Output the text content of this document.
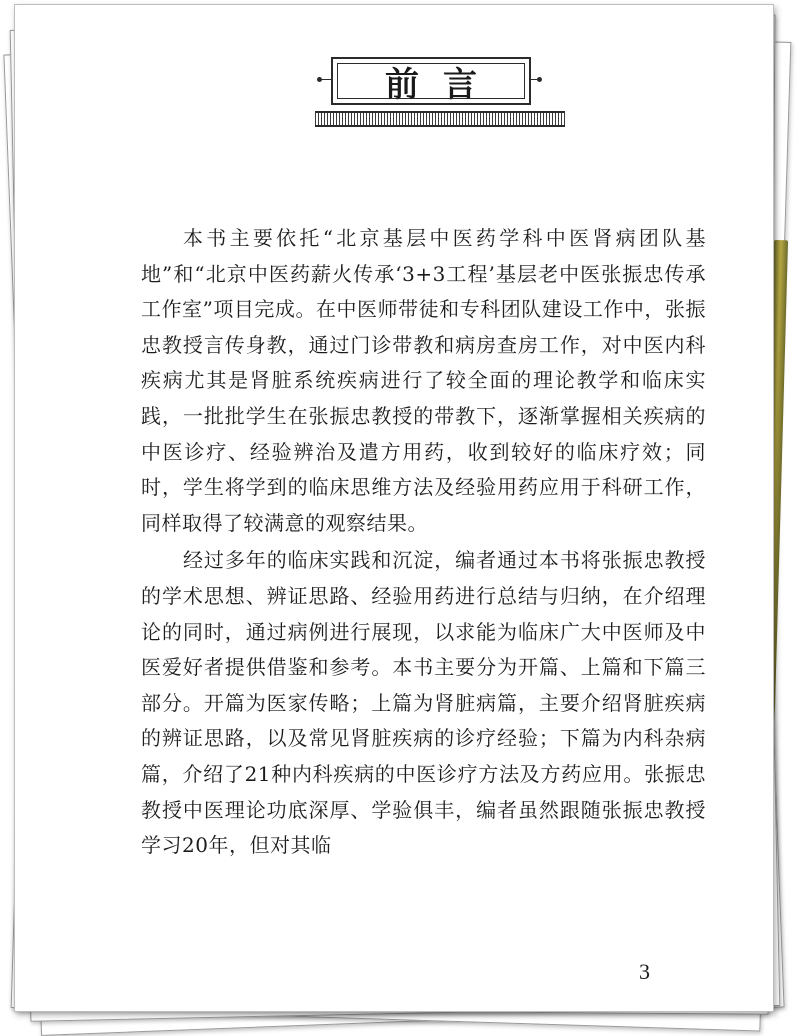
前言

本书主要依托“北京基层中医药学科中医肾病团队基地”和“北京中医药薪火传承‘3+3工程’基层老中医张振忠传承工作室”项目完成。在中医师带徒和专科团队建设工作中，张振忠教授言传身教，通过门诊带教和病房查房工作，对中医内科疾病尤其是肾脏系统疾病进行了较全面的理论教学和临床实践，一批批学生在张振忠教授的带教下，逐渐掌握相关疾病的中医诊疗、经验辨治及遣方用药，收到较好的临床疗效；同时，学生将学到的临床思维方法及经验用药应用于科研工作，同样取得了较满意的观察结果。

经过多年的临床实践和沉淀，编者通过本书将张振忠教授的学术思想、辨证思路、经验用药进行总结与归纳，在介绍理论的同时，通过病例进行展现，以求能为临床广大中医师及中医爱好者提供借鉴和参考。本书主要分为开篇、上篇和下篇三部分。开篇为医家传略；上篇为肾脏病篇，主要介绍肾脏疾病的辨证思路，以及常见肾脏疾病的诊疗经验；下篇为内科杂病篇，介绍了21种内科疾病的中医诊疗方法及方药应用。张振忠教授中医理论功底深厚、学验俱丰，编者虽然跟随张振忠教授学习20年，但对其临

3
